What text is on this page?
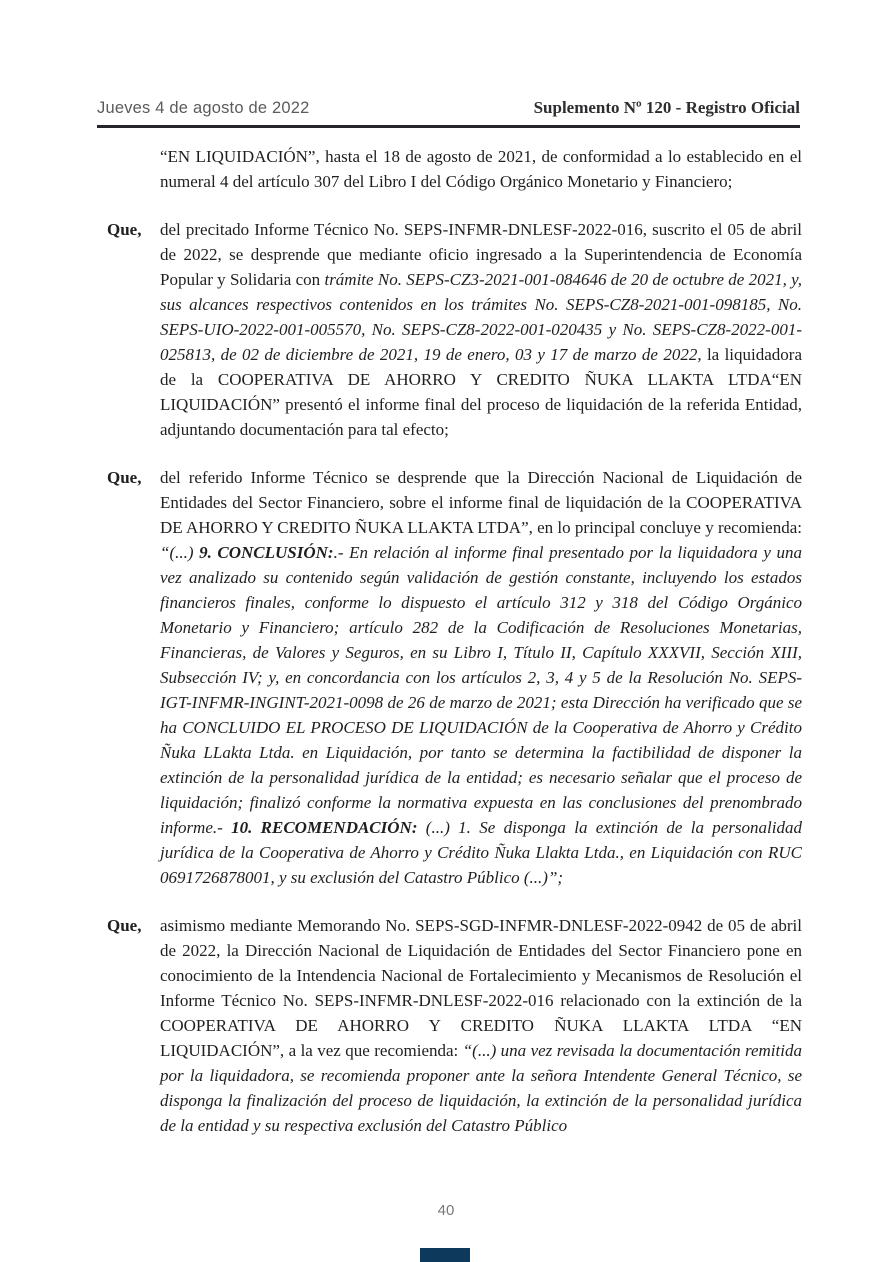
Jueves 4 de agosto de 2022	Suplemento Nº 120 - Registro Oficial
“EN LIQUIDACIÓN”, hasta el 18 de agosto de 2021, de conformidad a lo establecido en el numeral 4 del artículo 307 del Libro I del Código Orgánico Monetario y Financiero;
Que,	del precitado Informe Técnico No. SEPS-INFMR-DNLESF-2022-016, suscrito el 05 de abril de 2022, se desprende que mediante oficio ingresado a la Superintendencia de Economía Popular y Solidaria con trámite No. SEPS-CZ3-2021-001-084646 de 20 de octubre de 2021, y, sus alcances respectivos contenidos en los trámites No. SEPS-CZ8-2021-001-098185, No. SEPS-UIO-2022-001-005570, No. SEPS-CZ8-2022-001-020435 y No. SEPS-CZ8-2022-001-025813, de 02 de diciembre de 2021, 19 de enero, 03 y 17 de marzo de 2022, la liquidadora de la COOPERATIVA DE AHORRO Y CREDITO ÑUKA LLAKTA LTDA“EN LIQUIDACIÓN” presentó el informe final del proceso de liquidación de la referida Entidad, adjuntando documentación para tal efecto;
Que,	del referido Informe Técnico se desprende que la Dirección Nacional de Liquidación de Entidades del Sector Financiero, sobre el informe final de liquidación de la COOPERATIVA DE AHORRO Y CREDITO ÑUKA LLAKTA LTDA”, en lo principal concluye y recomienda: “(...) 9. CONCLUSIÓN:.- En relación al informe final presentado por la liquidadora y una vez analizado su contenido según validación de gestión constante, incluyendo los estados financieros finales, conforme lo dispuesto el artículo 312 y 318 del Código Orgánico Monetario y Financiero; artículo 282 de la Codificación de Resoluciones Monetarias, Financieras, de Valores y Seguros, en su Libro I, Título II, Capítulo XXXVII, Sección XIII, Subsección IV; y, en concordancia con los artículos 2, 3, 4 y 5 de la Resolución No. SEPS-IGT-INFMR-INGINT-2021-0098 de 26 de marzo de 2021; esta Dirección ha verificado que se ha CONCLUIDO EL PROCESO DE LIQUIDACIÓN de la Cooperativa de Ahorro y Crédito Ñuka LLakta Ltda. en Liquidación, por tanto se determina la factibilidad de disponer la extinción de la personalidad jurídica de la entidad; es necesario señalar que el proceso de liquidación; finalizó conforme la normativa expuesta en las conclusiones del prenombrado informe.- 10. RECOMENDACIÓN: (...) 1. Se disponga la extinción de la personalidad jurídica de la Cooperativa de Ahorro y Crédito Ñuka Llakta Ltda., en Liquidación con RUC 0691726878001, y su exclusión del Catastro Público (...)”;
Que,	asimismo mediante Memorando No. SEPS-SGD-INFMR-DNLESF-2022-0942 de 05 de abril de 2022, la Dirección Nacional de Liquidación de Entidades del Sector Financiero pone en conocimiento de la Intendencia Nacional de Fortalecimiento y Mecanismos de Resolución el Informe Técnico No. SEPS-INFMR-DNLESF-2022-016 relacionado con la extinción de la COOPERATIVA DE AHORRO Y CREDITO ÑUKA LLAKTA LTDA “EN LIQUIDACIÓN”, a la vez que recomienda: “(...) una vez revisada la documentación remitida por la liquidadora, se recomienda proponer ante la señora Intendente General Técnico, se disponga la finalización del proceso de liquidación, la extinción de la personalidad jurídica de la entidad y su respectiva exclusión del Catastro Público
40
